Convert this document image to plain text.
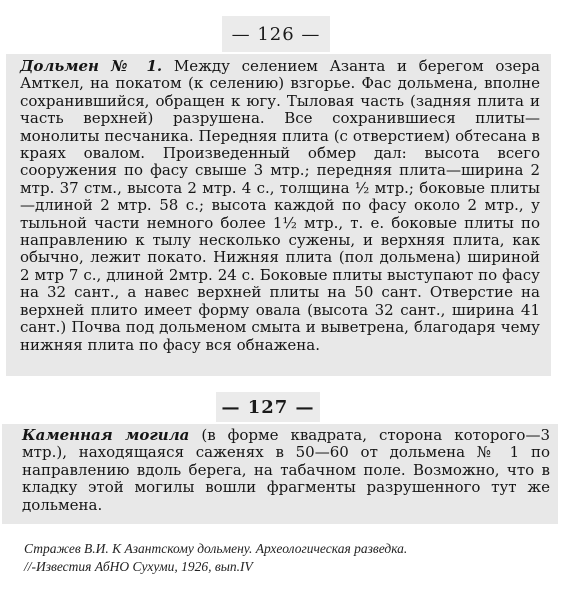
— 126 —
Дольмен № 1. Между селением Азанта и берегом озера Амткел, на покатом (к селению) взгорье. Фас дольмена, вполне сохранившийся, обращен к югу. Тыловая часть (задняя плита и часть верхней) разрушена. Все сохранившиеся плиты—монолиты песчаника. Передняя плита (с отверстием) обтесана в краях овалом. Произведенный обмер дал: высота всего сооружения по фасу свыше 3 мтр.; передняя плита—ширина 2 мтр. 37 стм., высота 2 мтр. 4 с., толщина ½ мтр.; боковые плиты—длиной 2 мтр. 58 с.; высота каждой по фасу около 2 мтр., у тыльной части немного более 1½ мтр., т. е. боковые плиты по направлению к тылу несколько сужены, и верхняя плита, как обычно, лежит покато. Нижняя плита (пол дольмена) шириной 2 мтр 7 с., длиной 2мтр. 24 с. Боковые плиты выступают по фасу на 32 сант., а навес верхней плиты на 50 сант. Отверстие на верхней плито имеет форму овала (высота 32 сант., ширина 41 сант.) Почва под дольменом смыта и выветрена, благодаря чему нижняя плита по фасу вся обнажена.
— 127 —
Каменная могила (в форме квадрата, сторона которого—3 мтр.), находящаяся саженях в 50—60 от дольмена № 1 по направлению вдоль берега, на табачном поле. Возможно, что в кладку этой могилы вошли фрагменты разрушенного тут же дольмена.
Стражев В.И. К Азантскому дольмену. Археологическая разведка.
//-Известия АбНО Сухуми, 1926, вып.IV
